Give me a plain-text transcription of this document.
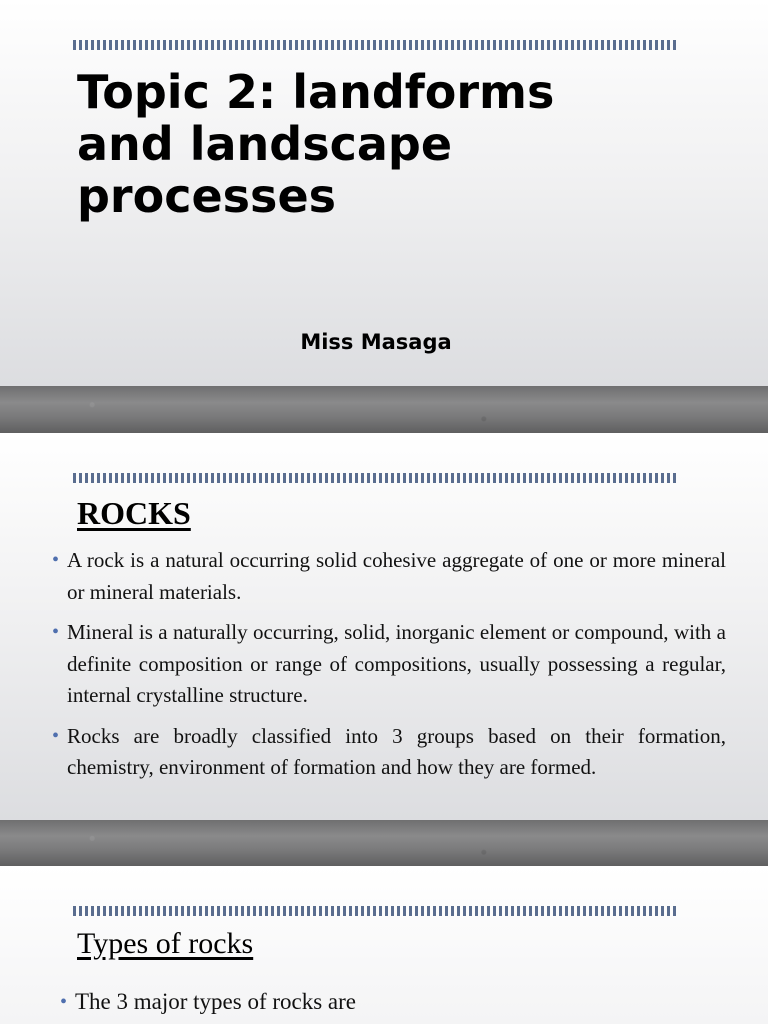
Topic 2: landforms
and landscape
processes
Miss Masaga
ROCKS
• A rock is a natural occurring solid cohesive aggregate of one or more mineral or mineral materials.
• Mineral is a naturally occurring, solid, inorganic element or compound, with a definite composition or range of compositions, usually possessing a regular, internal crystalline structure.
• Rocks are broadly classified into 3 groups based on their formation, chemistry, environment of formation and how they are formed.
Types of rocks
• The 3 major types of rocks are
